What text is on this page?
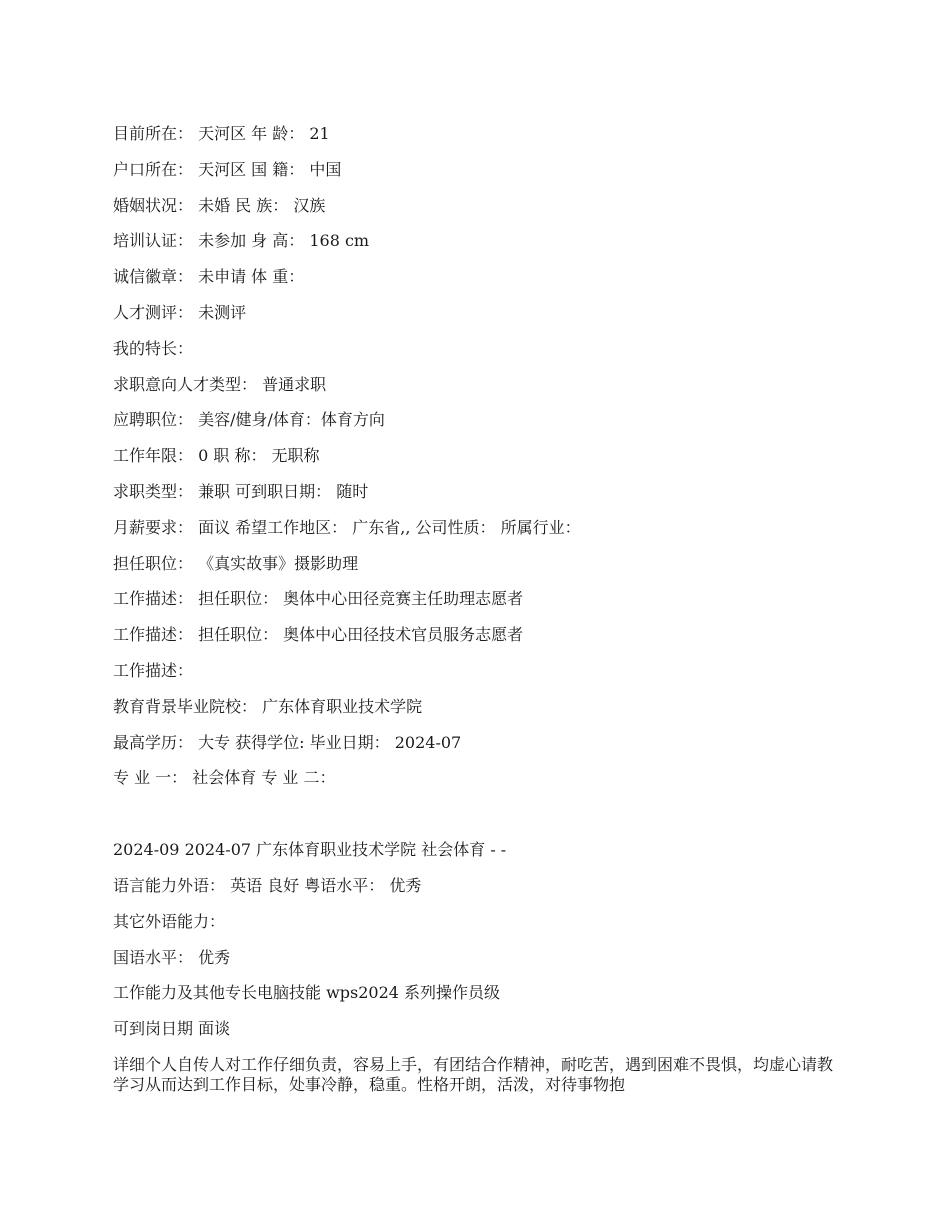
目前所在： 天河区 年 龄： 21
户口所在： 天河区 国 籍： 中国
婚姻状况： 未婚 民 族： 汉族
培训认证： 未参加 身 高： 168 cm
诚信徽章： 未申请 体 重：
人才测评： 未测评
我的特长：
求职意向人才类型： 普通求职
应聘职位： 美容/健身/体育：体育方向
工作年限： 0 职 称： 无职称
求职类型： 兼职 可到职日期： 随时
月薪要求： 面议 希望工作地区： 广东省,, 公司性质： 所属行业：
担任职位： 《真实故事》摄影助理
工作描述： 担任职位： 奥体中心田径竞赛主任助理志愿者
工作描述： 担任职位： 奥体中心田径技术官员服务志愿者
工作描述：
教育背景毕业院校： 广东体育职业技术学院
最高学历： 大专 获得学位: 毕业日期： 2024-07
专 业 一： 社会体育 专 业 二：
2024-09 2024-07 广东体育职业技术学院 社会体育 - -
语言能力外语： 英语 良好 粤语水平： 优秀
其它外语能力：
国语水平： 优秀
工作能力及其他专长电脑技能 wps2024 系列操作员级
可到岗日期 面谈

详细个人自传人对工作仔细负责，容易上手，有团结合作精神，耐吃苦，遇到困难不畏惧，均虚心请教学习从而达到工作目标，处事冷静，稳重。性格开朗，活泼，对待事物抱
